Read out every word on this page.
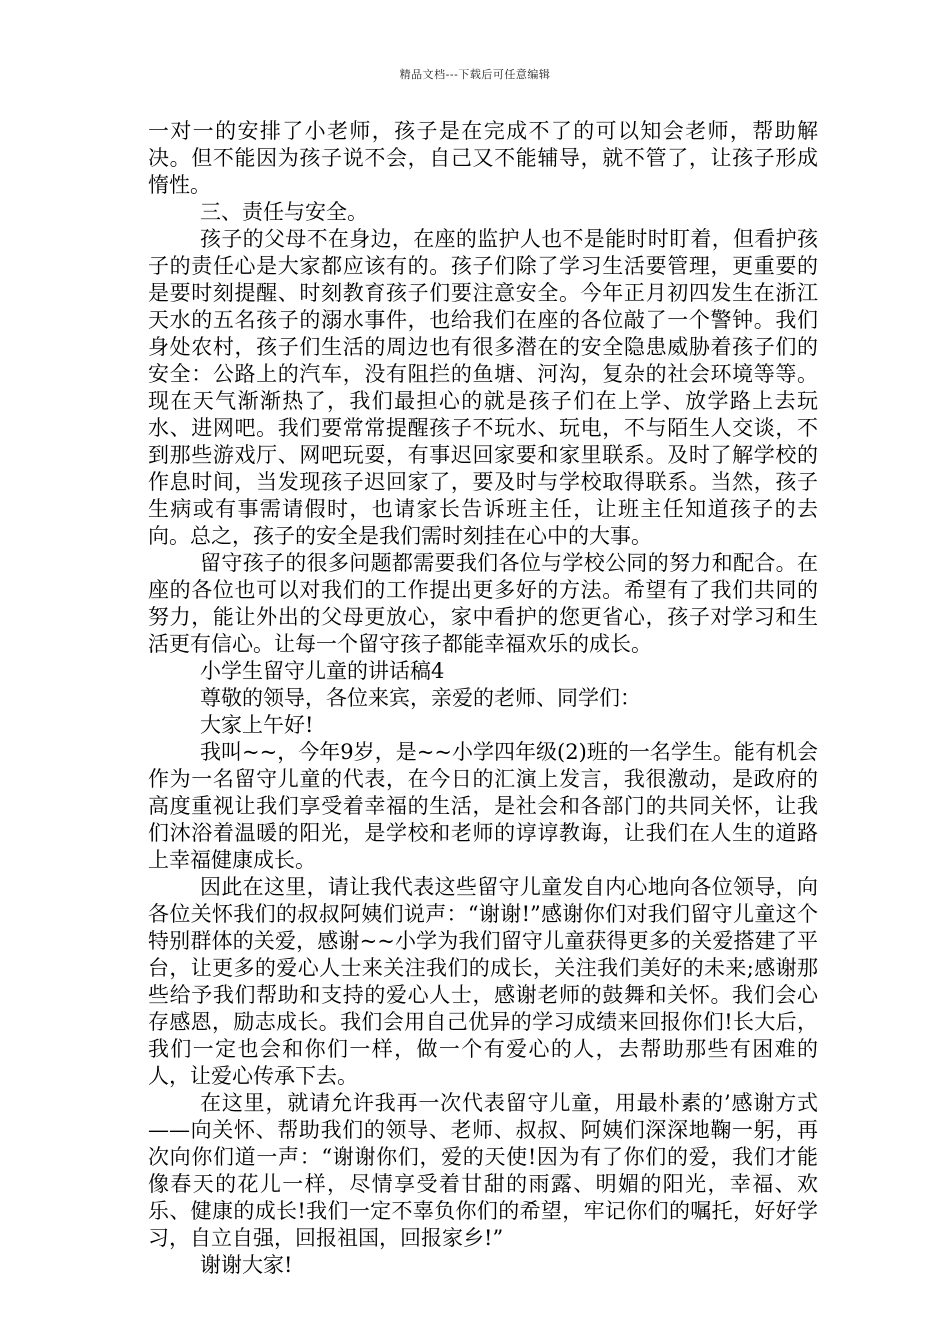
精品文档---下载后可任意编辑

一对一的安排了小老师，孩子是在完成不了的可以知会老师，帮助解决。但不能因为孩子说不会，自己又不能辅导，就不管了，让孩子形成惰性。

三、责任与安全。

孩子的父母不在身边，在座的监护人也不是能时时盯着，但看护孩子的责任心是大家都应该有的。孩子们除了学习生活要管理，更重要的是要时刻提醒、时刻教育孩子们要注意安全。今年正月初四发生在浙江天水的五名孩子的溺水事件，也给我们在座的各位敲了一个警钟。我们身处农村，孩子们生活的周边也有很多潜在的安全隐患威胁着孩子们的安全：公路上的汽车，没有阻拦的鱼塘、河沟，复杂的社会环境等等。现在天气渐渐热了，我们最担心的就是孩子们在上学、放学路上去玩水、进网吧。我们要常常提醒孩子不玩水、玩电，不与陌生人交谈，不到那些游戏厅、网吧玩耍，有事迟回家要和家里联系。及时了解学校的作息时间，当发现孩子迟回家了，要及时与学校取得联系。当然，孩子生病或有事需请假时，也请家长告诉班主任，让班主任知道孩子的去向。总之，孩子的安全是我们需时刻挂在心中的大事。

留守孩子的很多问题都需要我们各位与学校公同的努力和配合。在座的各位也可以对我们的工作提出更多好的方法。希望有了我们共同的努力，能让外出的父母更放心，家中看护的您更省心，孩子对学习和生活更有信心。让每一个留守孩子都能幸福欢乐的成长。

小学生留守儿童的讲话稿4

尊敬的领导，各位来宾，亲爱的老师、同学们：

大家上午好!

我叫~~，今年9岁，是~~小学四年级(2)班的一名学生。能有机会作为一名留守儿童的代表，在今日的汇演上发言，我很激动，是政府的高度重视让我们享受着幸福的生活，是社会和各部门的共同关怀，让我们沐浴着温暖的阳光，是学校和老师的谆谆教诲，让我们在人生的道路上幸福健康成长。

因此在这里，请让我代表这些留守儿童发自内心地向各位领导，向各位关怀我们的叔叔阿姨们说声：“谢谢!”感谢你们对我们留守儿童这个特别群体的关爱，感谢~~小学为我们留守儿童获得更多的关爱搭建了平台，让更多的爱心人士来关注我们的成长，关注我们美好的未来;感谢那些给予我们帮助和支持的爱心人士，感谢老师的鼓舞和关怀。我们会心存感恩，励志成长。我们会用自己优异的学习成绩来回报你们!长大后，我们一定也会和你们一样，做一个有爱心的人，去帮助那些有困难的人，让爱心传承下去。

在这里，就请允许我再一次代表留守儿童，用最朴素的’感谢方式——向关怀、帮助我们的领导、老师、叔叔、阿姨们深深地鞠一躬，再次向你们道一声：“谢谢你们，爱的天使!因为有了你们的爱，我们才能像春天的花儿一样，尽情享受着甘甜的雨露、明媚的阳光，幸福、欢乐、健康的成长!我们一定不辜负你们的希望，牢记你们的嘱托，好好学习，自立自强，回报祖国，回报家乡!”

谢谢大家!
